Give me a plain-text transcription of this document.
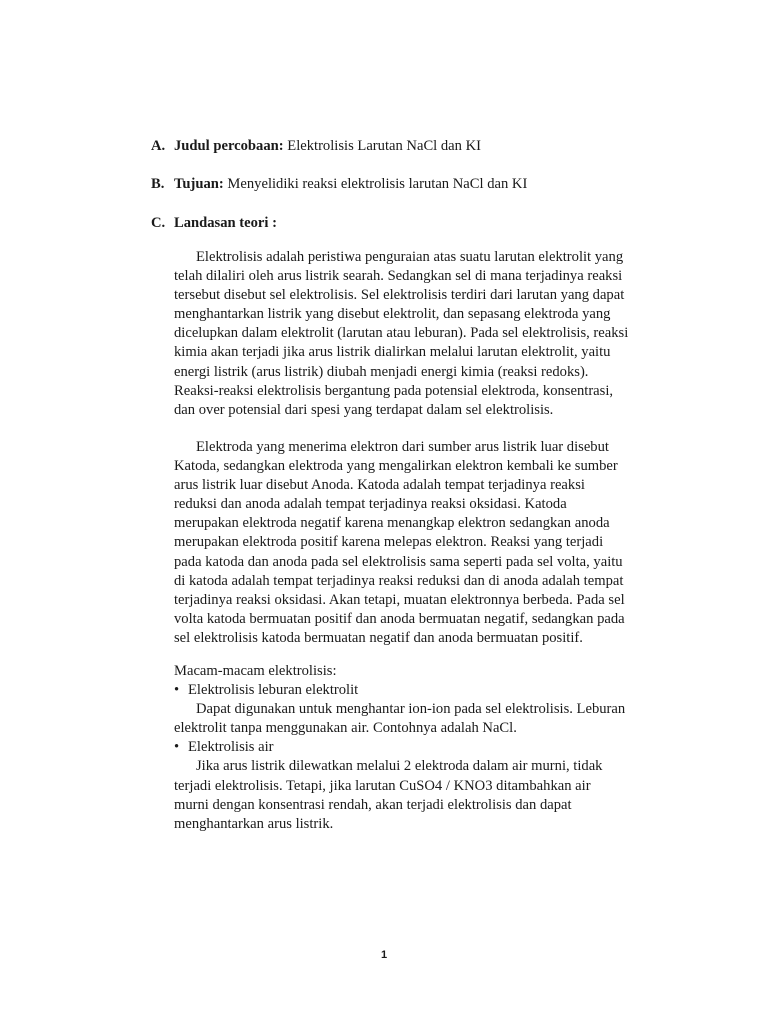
A. Judul percobaan: Elektrolisis Larutan NaCl dan KI
B. Tujuan: Menyelidiki reaksi elektrolisis larutan NaCl dan KI
C. Landasan teori :

Elektrolisis adalah peristiwa penguraian atas suatu larutan elektrolit yang
telah dilaliri oleh arus listrik searah. Sedangkan sel di mana terjadinya reaksi
tersebut disebut sel elektrolisis. Sel elektrolisis terdiri dari larutan yang dapat
menghantarkan listrik yang disebut elektrolit, dan sepasang elektroda yang
dicelupkan dalam elektrolit (larutan atau leburan). Pada sel elektrolisis, reaksi
kimia akan terjadi jika arus listrik dialirkan melalui larutan elektrolit, yaitu
energi listrik (arus listrik) diubah menjadi energi kimia (reaksi redoks).
Reaksi-reaksi elektrolisis bergantung pada potensial elektroda, konsentrasi,
dan over potensial dari spesi yang terdapat dalam sel elektrolisis.

Elektroda yang menerima elektron dari sumber arus listrik luar disebut
Katoda, sedangkan elektroda yang mengalirkan elektron kembali ke sumber
arus listrik luar disebut Anoda. Katoda adalah tempat terjadinya reaksi
reduksi dan anoda adalah tempat terjadinya reaksi oksidasi. Katoda
merupakan elektroda negatif karena menangkap elektron sedangkan anoda
merupakan elektroda positif karena melepas elektron. Reaksi yang terjadi
pada katoda dan anoda pada sel elektrolisis sama seperti pada sel volta, yaitu
di katoda adalah tempat terjadinya reaksi reduksi dan di anoda adalah tempat
terjadinya reaksi oksidasi. Akan tetapi, muatan elektronnya berbeda. Pada sel
volta katoda bermuatan positif dan anoda bermuatan negatif, sedangkan pada
sel elektrolisis katoda bermuatan negatif dan anoda bermuatan positif.

Macam-macam elektrolisis:
• Elektrolisis leburan elektrolit
Dapat digunakan untuk menghantar ion-ion pada sel elektrolisis. Leburan
elektrolit tanpa menggunakan air. Contohnya adalah NaCl.
• Elektrolisis air
Jika arus listrik dilewatkan melalui 2 elektroda dalam air murni, tidak
terjadi elektrolisis. Tetapi, jika larutan CuSO4 / KNO3 ditambahkan air
murni dengan konsentrasi rendah, akan terjadi elektrolisis dan dapat
menghantarkan arus listrik.
1
